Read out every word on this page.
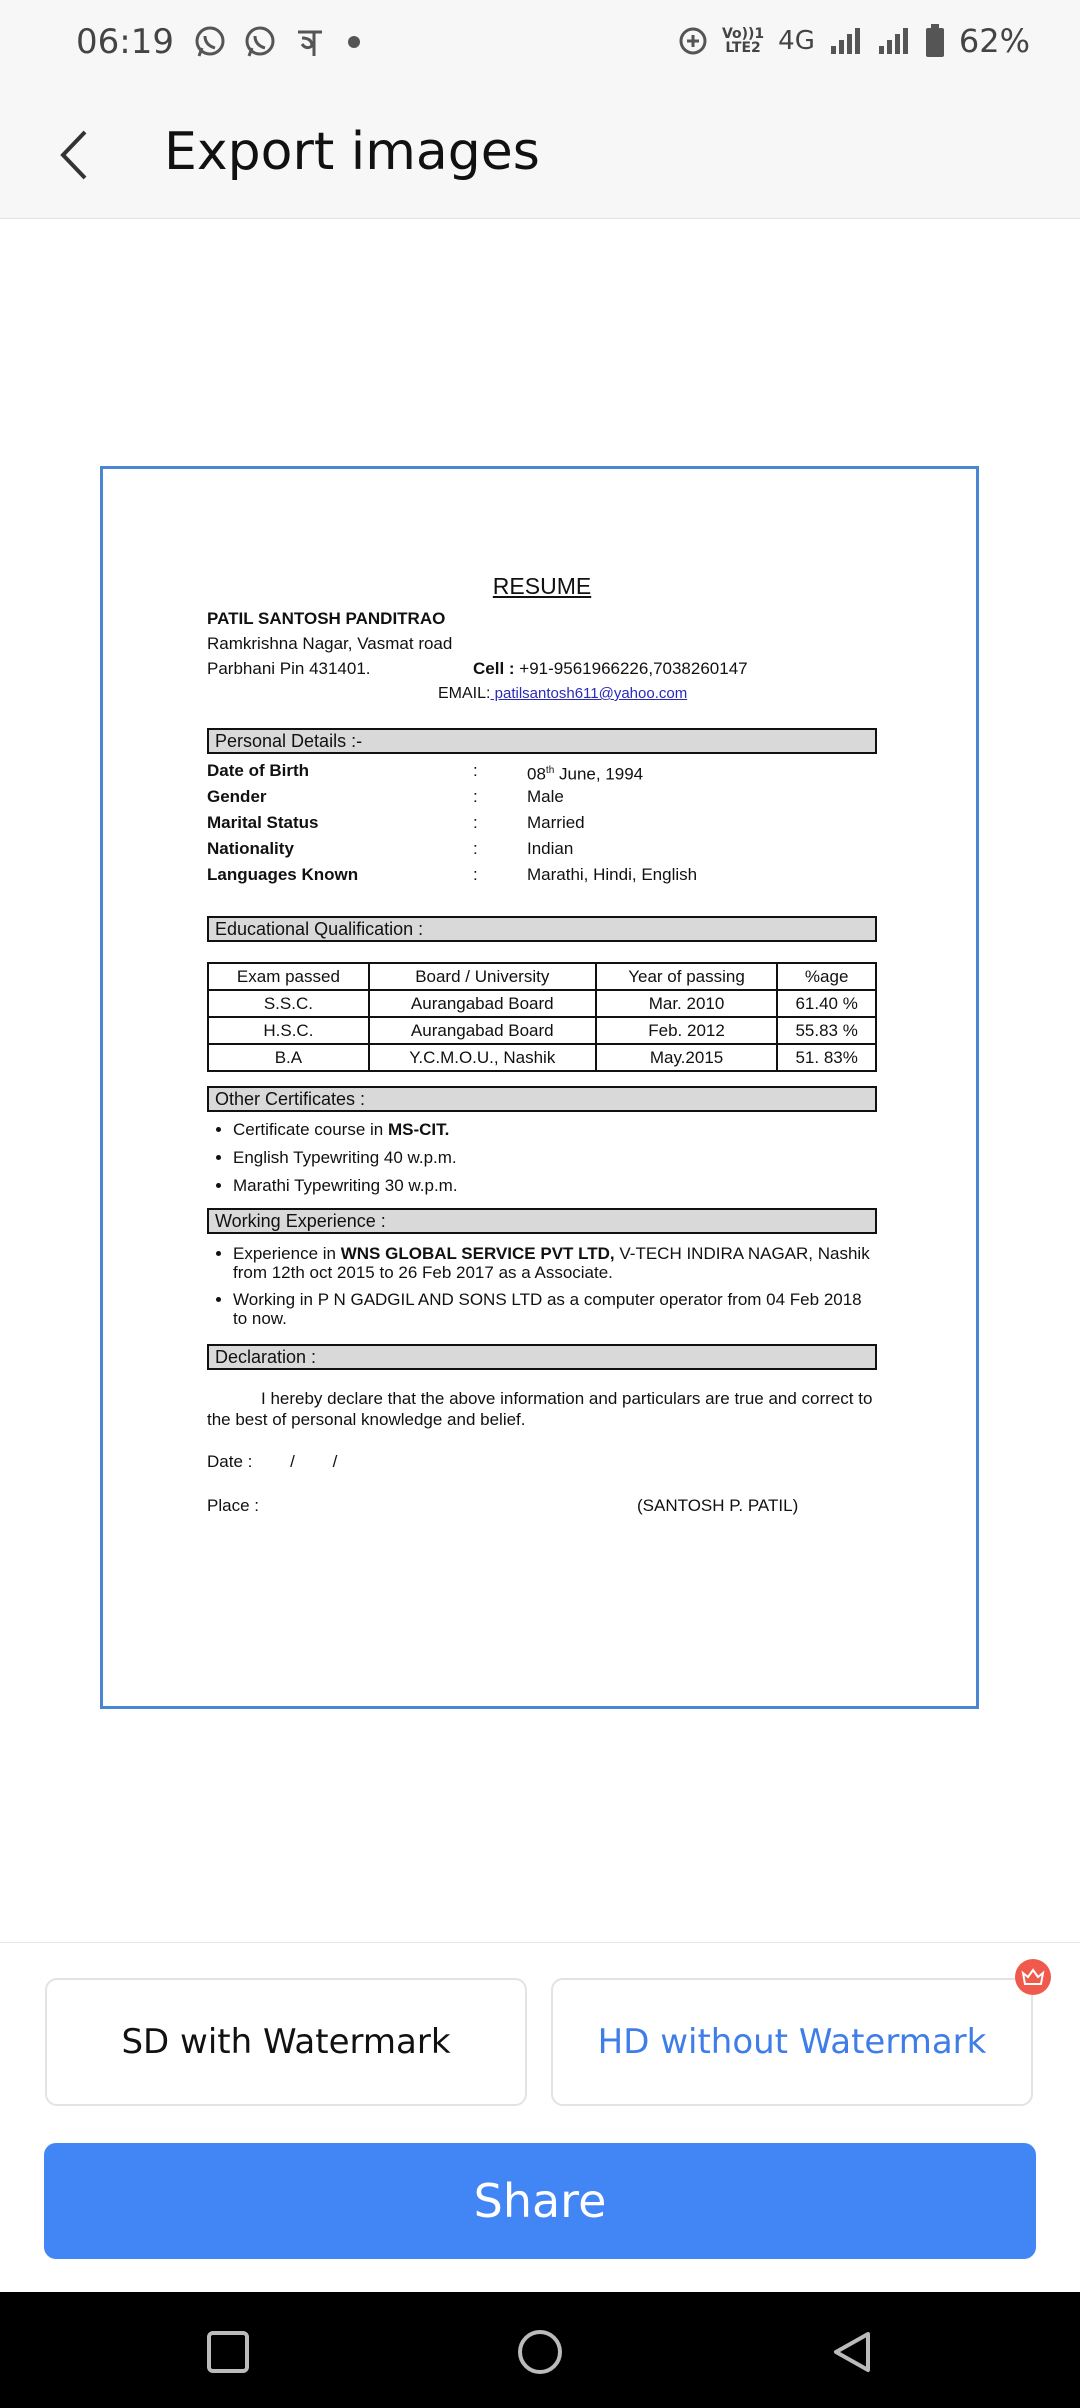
06:19	Vo))1
LTE2 4G	62%
Export images
RESUME
PATIL SANTOSH PANDITRAO
Ramkrishna Nagar, Vasmat road
Parbhani Pin 431401.	Cell : +91-9561966226,7038260147
EMAIL: patilsantosh611@yahoo.com
Personal Details :-
Date of Birth	:	08th June, 1994
Gender	:	Male
Marital Status	:	Married
Nationality	:	Indian
Languages Known	:	Marathi, Hindi, English
Educational Qualification :
Exam passed	Board / University	Year of passing	%age
S.S.C.	Aurangabad Board	Mar. 2010	61.40 %
H.S.C.	Aurangabad Board	Feb. 2012	55.83 %
B.A	Y.C.M.O.U., Nashik	May.2015	51. 83%
Other Certificates :
• Certificate course in MS-CIT.
• English Typewriting 40 w.p.m.
• Marathi Typewriting 30 w.p.m.
Working Experience :
• Experience in WNS GLOBAL SERVICE PVT LTD, V-TECH INDIRA NAGAR, Nashik from 12th oct 2015 to 26 Feb 2017 as a Associate.
• Working in P N GADGIL AND SONS LTD as a computer operator from 04 Feb 2018 to now.
Declaration :
I hereby declare that the above information and particulars are true and correct to the best of personal knowledge and belief.
Date :        /        /
Place :	(SANTOSH P. PATIL)
SD with Watermark	HD without Watermark
Share
